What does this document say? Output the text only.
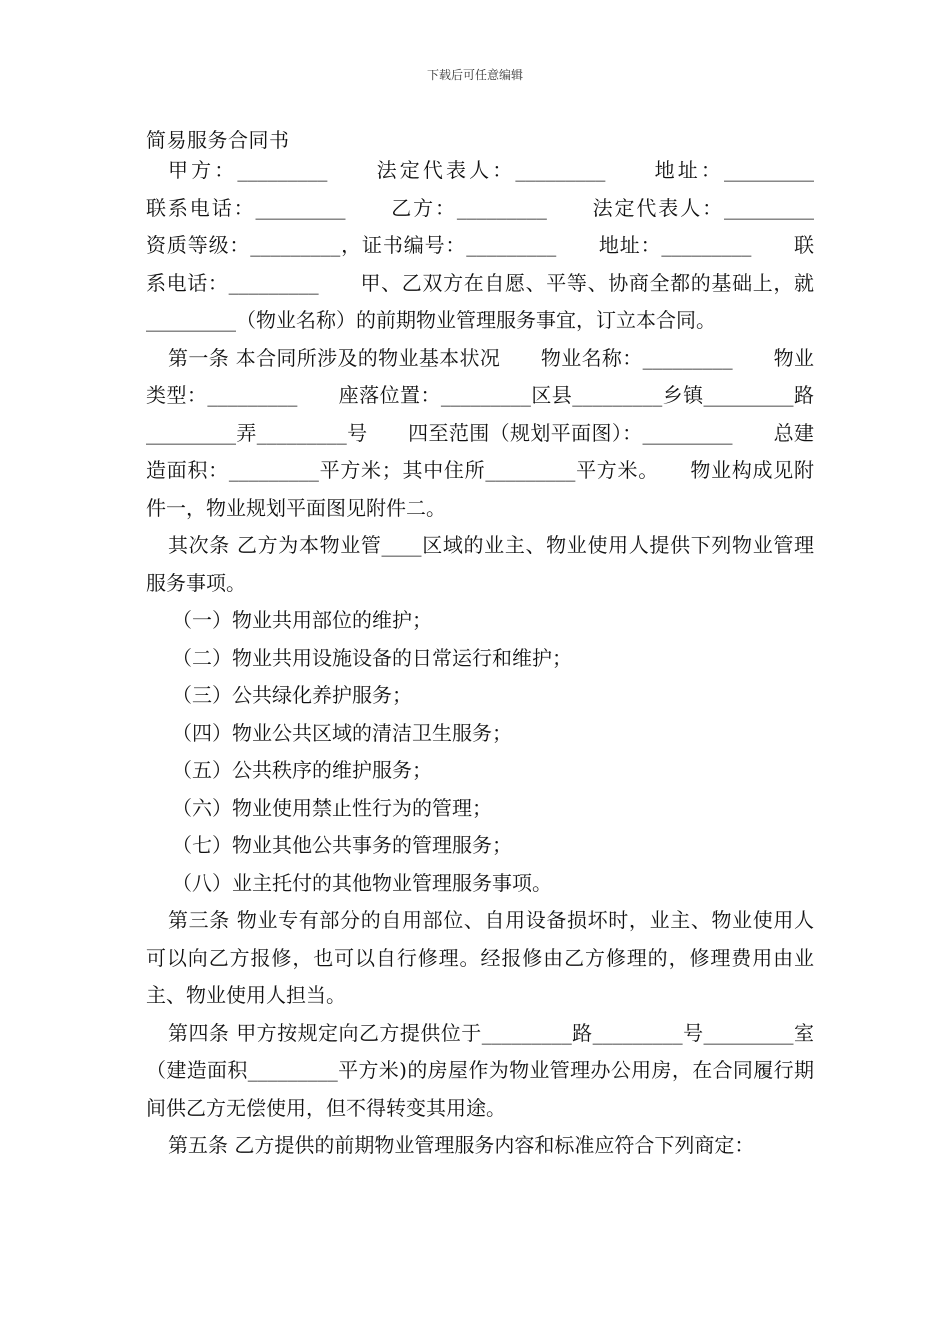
下载后可任意编辑
简易服务合同书

甲方：_________　　法定代表人：_________　　地址：_________　　联系电话：_________　　乙方：_________　　法定代表人：_________　　资质等级：_________，证书编号：_________　　地址：_________　　联系电话：_________　　甲、乙双方在自愿、平等、协商全都的基础上，就_________（物业名称）的前期物业管理服务事宜，订立本合同。

第一条 本合同所涉及的物业基本状况　　物业名称：_________　　物业类型：_________　　座落位置：_________区县_________乡镇_________路_________弄_________号　　四至范围（规划平面图）：_________　　总建造面积：_________平方米；其中住所_________平方米。　　物业构成见附件一，物业规划平面图见附件二。

其次条 乙方为本物业管____区域的业主、物业使用人提供下列物业管理服务事项。

（一）物业共用部位的维护；

（二）物业共用设施设备的日常运行和维护；

（三）公共绿化养护服务；

（四）物业公共区域的清洁卫生服务；

（五）公共秩序的维护服务；

（六）物业使用禁止性行为的管理；

（七）物业其他公共事务的管理服务；

（八）业主托付的其他物业管理服务事项。

第三条 物业专有部分的自用部位、自用设备损坏时，业主、物业使用人可以向乙方报修，也可以自行修理。经报修由乙方修理的，修理费用由业主、物业使用人担当。

第四条 甲方按规定向乙方提供位于_________路_________号_________室（建造面积_________平方米)的房屋作为物业管理办公用房，在合同履行期间供乙方无偿使用，但不得转变其用途。

第五条 乙方提供的前期物业管理服务内容和标准应符合下列商定：
